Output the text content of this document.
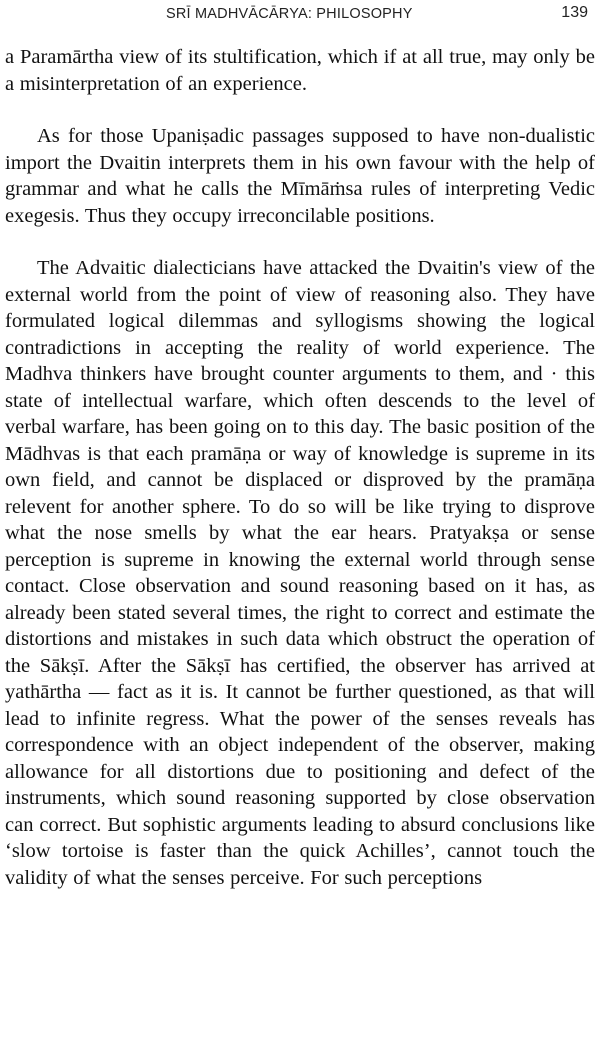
SRĪ MADHVĀCĀRYA: PHILOSOPHY	139

a Paramārtha view of its stultification, which if at all true, may only be a misinterpretation of an experience.

As for those Upaniṣadic passages supposed to have non-dualistic import the Dvaitin interprets them in his own favour with the help of grammar and what he calls the Mīmāṁsa rules of interpreting Vedic exegesis. Thus they occupy irreconcilable positions.

The Advaitic dialecticians have attacked the Dvaitin's view of the external world from the point of view of reasoning also. They have formulated logical dilemmas and syllogisms showing the logical contradictions in accepting the reality of world experience. The Madhva thinkers have brought counter arguments to them, and · this state of intellectual warfare, which often descends to the level of verbal warfare, has been going on to this day. The basic position of the Mādhvas is that each pramāṇa or way of knowledge is supreme in its own field, and cannot be displaced or disproved by the pramāṇa relevent for another sphere. To do so will be like trying to disprove what the nose smells by what the ear hears. Pratyakṣa or sense perception is supreme in knowing the external world through sense contact. Close observation and sound reasoning based on it has, as already been stated several times, the right to correct and estimate the distortions and mistakes in such data which obstruct the operation of the Sākṣī. After the Sākṣī has certified, the observer has arrived at yathārtha — fact as it is. It cannot be further questioned, as that will lead to infinite regress. What the power of the senses reveals has correspondence with an object independent of the observer, making allowance for all distortions due to positioning and defect of the instruments, which sound reasoning supported by close observation can correct. But sophistic arguments leading to absurd conclusions like ‘slow tortoise is faster than the quick Achilles’, cannot touch the validity of what the senses perceive. For such perceptions
